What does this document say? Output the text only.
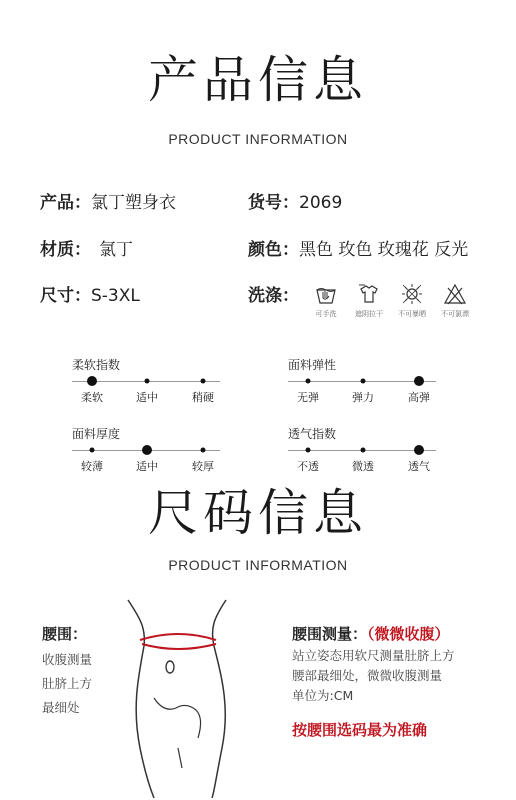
产品信息
PRODUCT INFORMATION
产品：氯丁塑身衣	货号：2069
材质： 氯丁	颜色：黑色 玫色 玫瑰花 反光
尺寸：S-3XL	洗涤：
可手洗	遮阴拉干 不可暴晒 不可氯漂
柔软指数
柔软	适中	稍硬
面料弹性
无弹	弹力	高弹
面料厚度
较薄	适中	较厚
透气指数
不透	微透	透气
尺码信息
PRODUCT INFORMATION
腰围：
收腹测量
肚脐上方
最细处
腰围测量：（微微收腹）
站立姿态用软尺测量肚脐上方
腰部最细处，微微收腹测量
单位为:CM
按腰围选码最为准确
